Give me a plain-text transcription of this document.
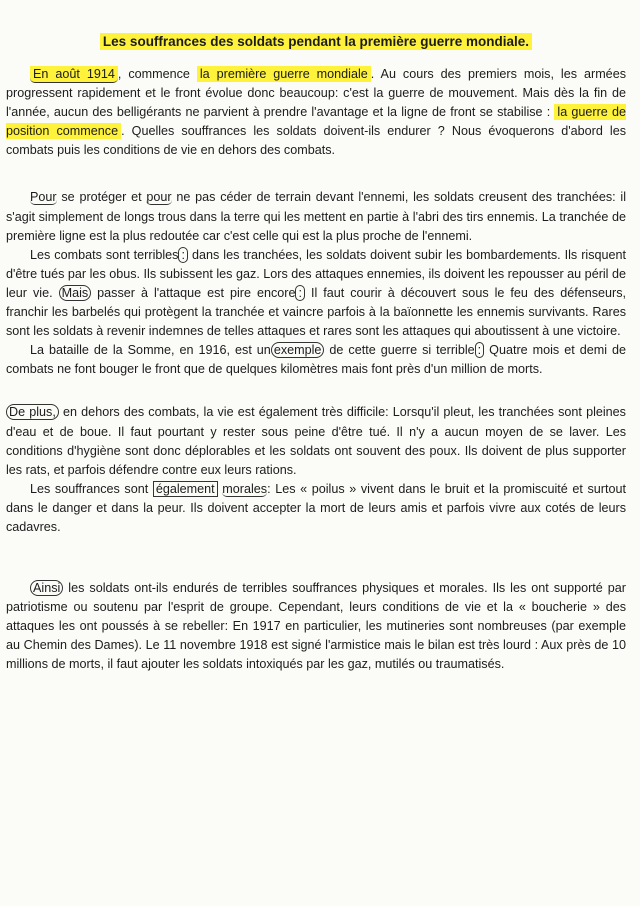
Les souffrances des soldats pendant la première guerre mondiale.

En août 1914 , commence la première guerre mondiale . Au cours des premiers mois, les armées progressent rapidement et le front évolue donc beaucoup: c'est la guerre de mouvement. Mais dès la fin de l'année, aucun des belligérants ne parvient à prendre l'avantage et la ligne de front se stabilise : la guerre de position commence . Quelles souffrances les soldats doivent-ils endurer ? Nous évoquerons d'abord les combats puis les conditions de vie en dehors des combats.

Pour se protéger et pour ne pas céder de terrain devant l'ennemi, les soldats creusent des tranchées: il s'agit simplement de longs trous dans la terre qui les mettent en partie à l'abri des tirs ennemis. La tranchée de première ligne est la plus redoutée car c'est celle qui est la plus proche de l'ennemi.

Les combats sont terribles : dans les tranchées, les soldats doivent subir les bombardements. Ils risquent d'être tués par les obus. Ils subissent les gaz. Lors des attaques ennemies, ils doivent les repousser au péril de leur vie. Mais passer à l'attaque est pire encore : Il faut courir à découvert sous le feu des défenseurs, franchir les barbelés qui protègent la tranchée et vaincre parfois à la baïonnette les ennemis survivants. Rares sont les soldats à revenir indemnes de telles attaques et rares sont les attaques qui aboutissent à une victoire.

La bataille de la Somme, en 1916, est un exemple de cette guerre si terrible : Quatre mois et demi de combats ne font bouger le front que de quelques kilomètres mais font près d'un million de morts.

De plus, en dehors des combats, la vie est également très difficile: Lorsqu'il pleut, les tranchées sont pleines d'eau et de boue. Il faut pourtant y rester sous peine d'être tué. Il n'y a aucun moyen de se laver. Les conditions d'hygiène sont donc déplorables et les soldats ont souvent des poux. Ils doivent de plus supporter les rats, et parfois défendre contre eux leurs rations.

Les souffrances sont également morales: Les « poilus » vivent dans le bruit et la promiscuité et surtout dans le danger et dans la peur. Ils doivent accepter la mort de leurs amis et parfois vivre aux cotés de leurs cadavres.

Ainsi les soldats ont-ils endurés de terribles souffrances physiques et morales. Ils les ont supporté par patriotisme ou soutenu par l'esprit de groupe. Cependant, leurs conditions de vie et la « boucherie » des attaques les ont poussés à se rebeller: En 1917 en particulier, les mutineries sont nombreuses (par exemple au Chemin des Dames). Le 11 novembre 1918 est signé l'armistice mais le bilan est très lourd : Aux près de 10 millions de morts, il faut ajouter les soldats intoxiqués par les gaz, mutilés ou traumatisés.
